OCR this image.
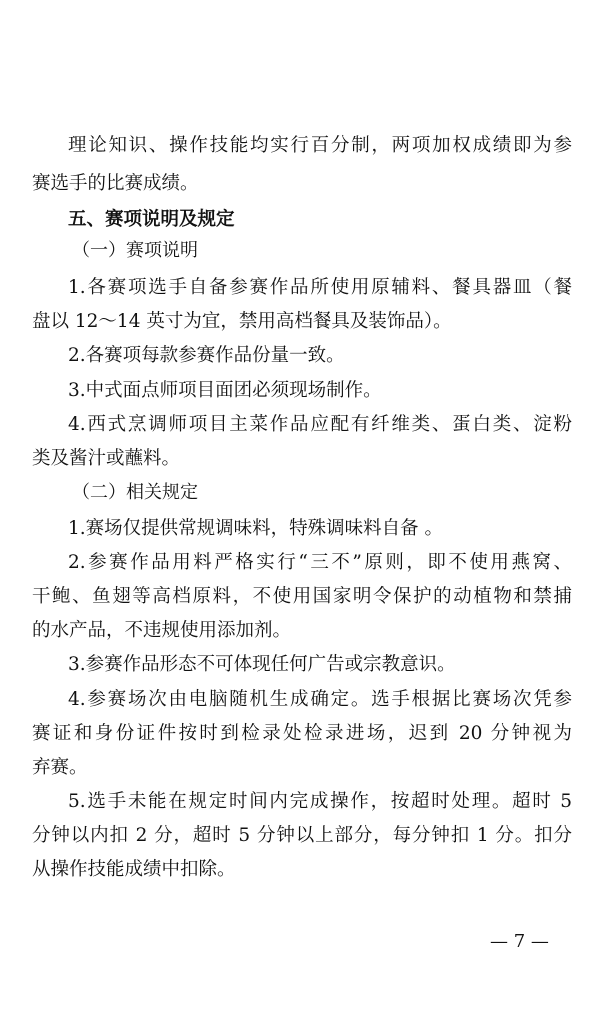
理论知识、操作技能均实行百分制，两项加权成绩即为参
赛选手的比赛成绩。
五、赛项说明及规定
（一）赛项说明
1.各赛项选手自备参赛作品所使用原辅料、餐具器皿（餐
盘以 12～14 英寸为宜，禁用高档餐具及装饰品）。
2.各赛项每款参赛作品份量一致。
3.中式面点师项目面团必须现场制作。
4.西式烹调师项目主菜作品应配有纤维类、蛋白类、淀粉
类及酱汁或蘸料。
（二）相关规定
1.赛场仅提供常规调味料，特殊调味料自备 。
2.参赛作品用料严格实行“三不”原则，即不使用燕窝、
干鲍、鱼翅等高档原料，不使用国家明令保护的动植物和禁捕
的水产品，不违规使用添加剂。
3.参赛作品形态不可体现任何广告或宗教意识。
4.参赛场次由电脑随机生成确定。选手根据比赛场次凭参
赛证和身份证件按时到检录处检录进场，迟到 20 分钟视为
弃赛。
5.选手未能在规定时间内完成操作，按超时处理。超时 5
分钟以内扣 2 分，超时 5 分钟以上部分，每分钟扣 1 分。扣分
从操作技能成绩中扣除。
— 7 —
